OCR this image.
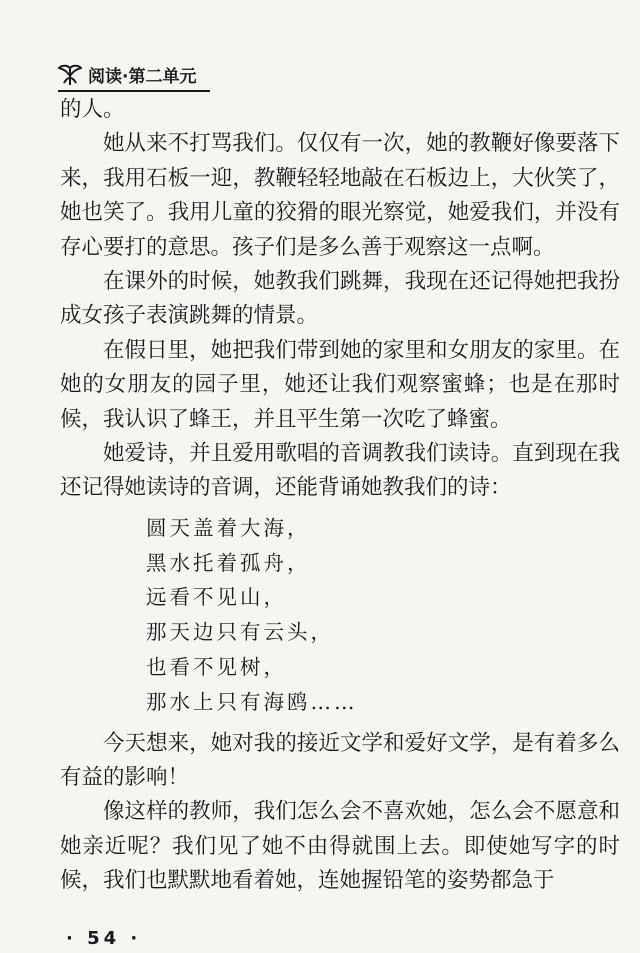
阅读·第二单元

的人。

她从来不打骂我们。仅仅有一次，她的教鞭好像要落下来，我用石板一迎，教鞭轻轻地敲在石板边上，大伙笑了，她也笑了。我用儿童的狡猾的眼光察觉，她爱我们，并没有存心要打的意思。孩子们是多么善于观察这一点啊。

在课外的时候，她教我们跳舞，我现在还记得她把我扮成女孩子表演跳舞的情景。

在假日里，她把我们带到她的家里和女朋友的家里。在她的女朋友的园子里，她还让我们观察蜜蜂；也是在那时候，我认识了蜂王，并且平生第一次吃了蜂蜜。

她爱诗，并且爱用歌唱的音调教我们读诗。直到现在我还记得她读诗的音调，还能背诵她教我们的诗：

圆天盖着大海，
黑水托着孤舟，
远看不见山，
那天边只有云头，
也看不见树，
那水上只有海鸥……

今天想来，她对我的接近文学和爱好文学，是有着多么有益的影响！

像这样的教师，我们怎么会不喜欢她，怎么会不愿意和她亲近呢？我们见了她不由得就围上去。即使她写字的时候，我们也默默地看着她，连她握铅笔的姿势都急于

· 54 ·
